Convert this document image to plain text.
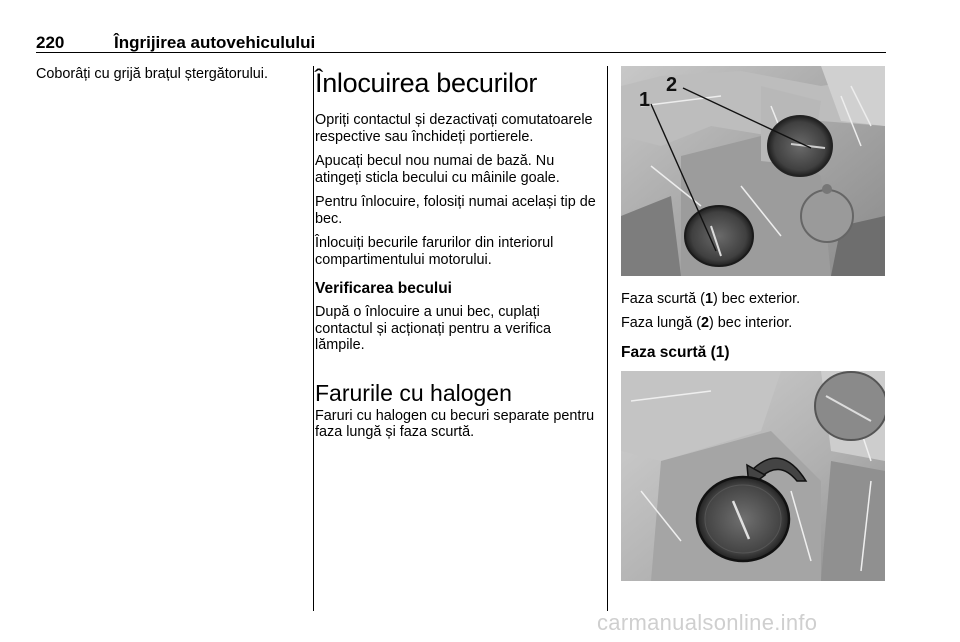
220	Îngrijirea autovehiculului

Coborâți cu grijă brațul ștergătorului.	Înlocuirea becurilor

Opriți contactul și dezactivați comutatoarele respective sau închideți portierele.

Apucați becul nou numai de bază. Nu atingeți sticla becului cu mâinile goale.

Pentru înlocuire, folosiți numai același tip de bec.

Înlocuiți becurile farurilor din interiorul compartimentului motorului.

Verificarea becului

După o înlocuire a unui bec, cuplați contactul și acționați pentru a verifica lămpile.

Farurile cu halogen

Faruri cu halogen cu becuri separate pentru faza lungă și faza scurtă.

1
2

Faza scurtă (1) bec exterior.

Faza lungă (2) bec interior.

Faza scurtă (1)
carmanualsonline.info
